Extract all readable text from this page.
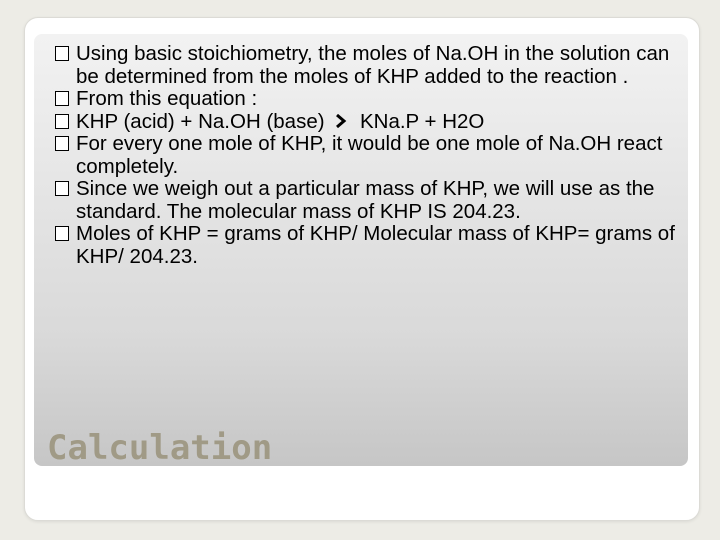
Using basic stoichiometry, the moles of Na.OH in the solution can be determined from the moles of KHP added to the reaction .
From this equation :
KHP (acid) + Na.OH (base) KNa.P + H2O
For every one mole of KHP, it would be one mole of Na.OH react completely.
Since we weigh out a particular mass of KHP, we will use as the standard. The molecular mass of KHP IS 204.23.
Moles of KHP = grams of KHP/ Molecular mass of KHP= grams of KHP/ 204.23.
Calculation
